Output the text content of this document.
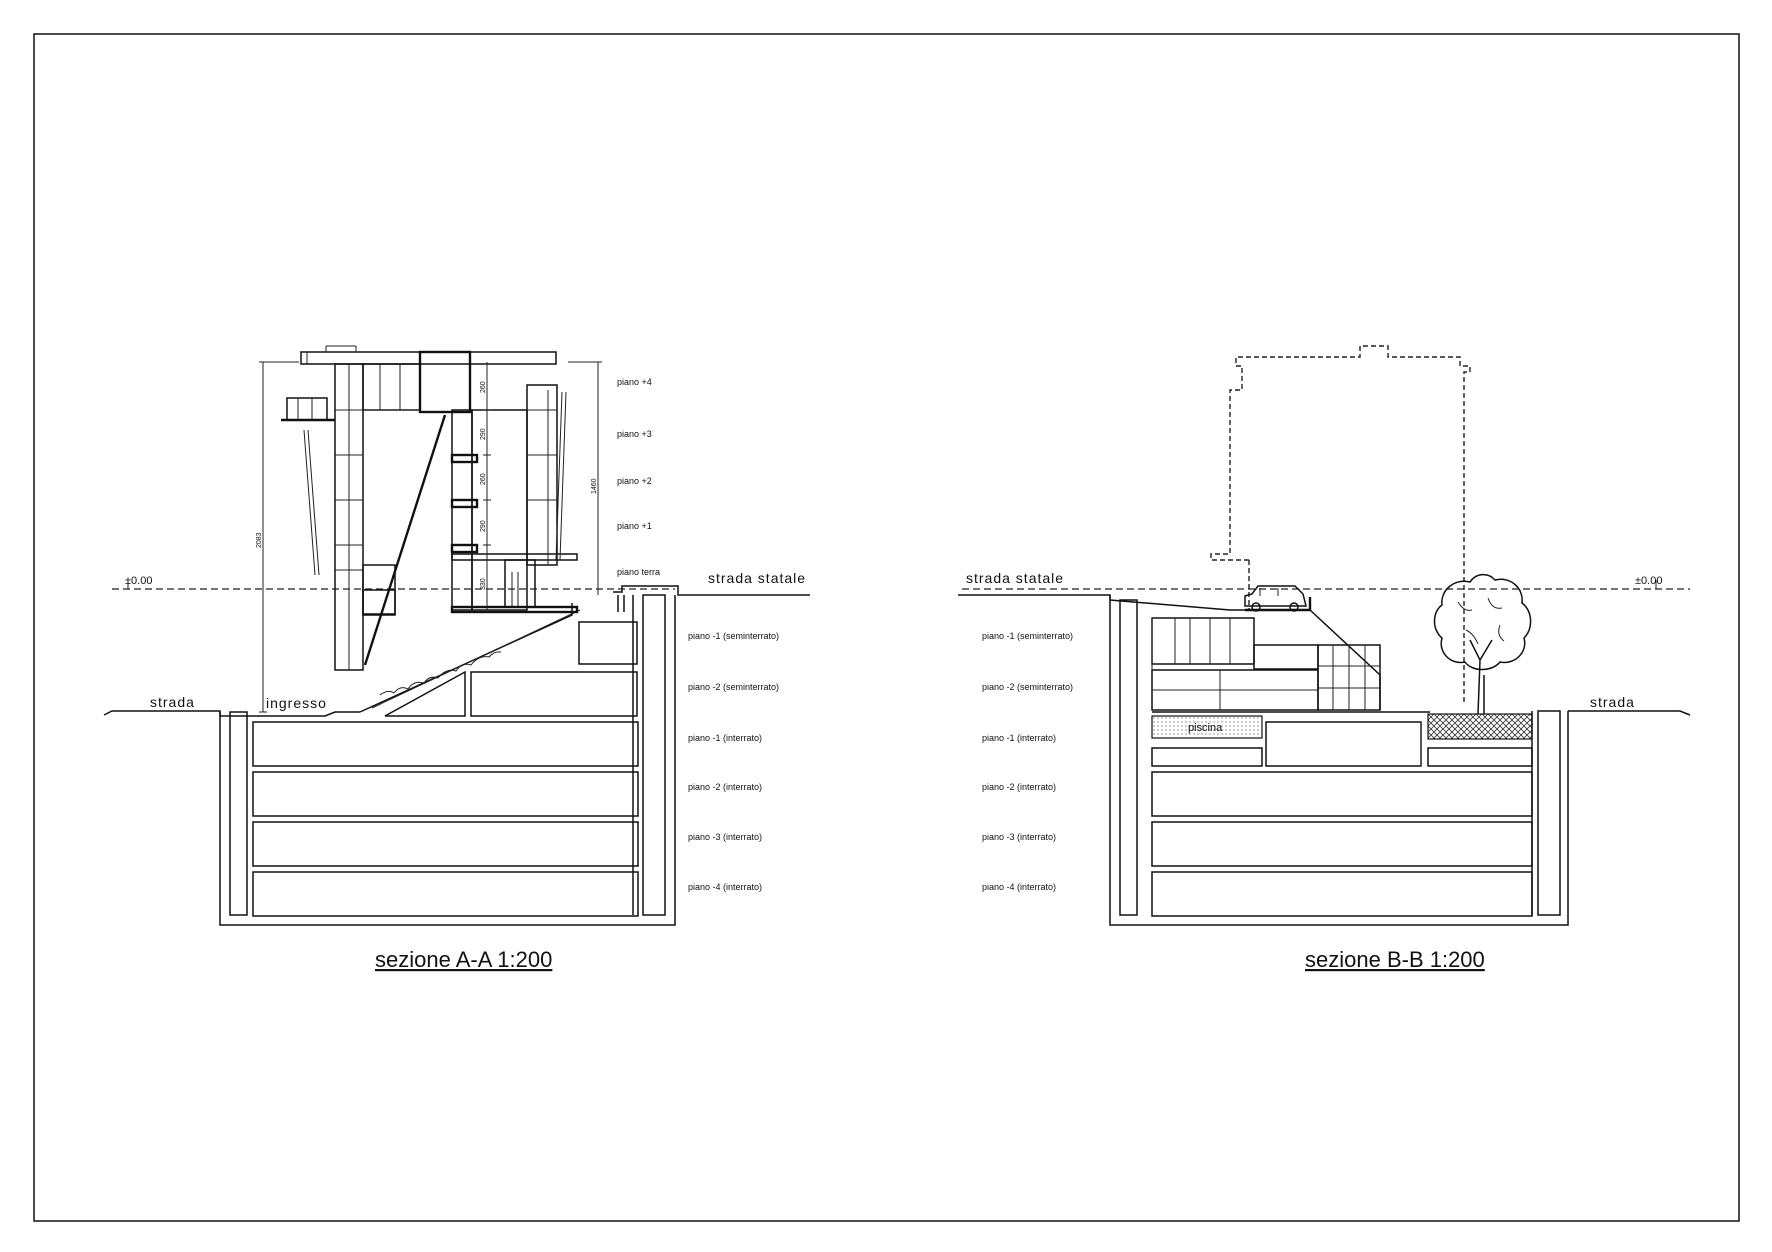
±0.00	strada statale
strada	ingresso
2083
1460
260
290
260
290
330
piano +4
piano +3
piano +2
piano +1
piano terra
piano -1 (seminterrato)
piano -2 (seminterrato)
piano -1 (interrato)
piano -2 (interrato)
piano -3 (interrato)
piano -4 (interrato)
sezione A-A 1:200
±0.00
strada statale
strada
piscina
piano -1 (seminterrato)
piano -2 (seminterrato)
piano -1 (interrato)
piano -2 (interrato)
piano -3 (interrato)
piano -4 (interrato)
sezione B-B 1:200
